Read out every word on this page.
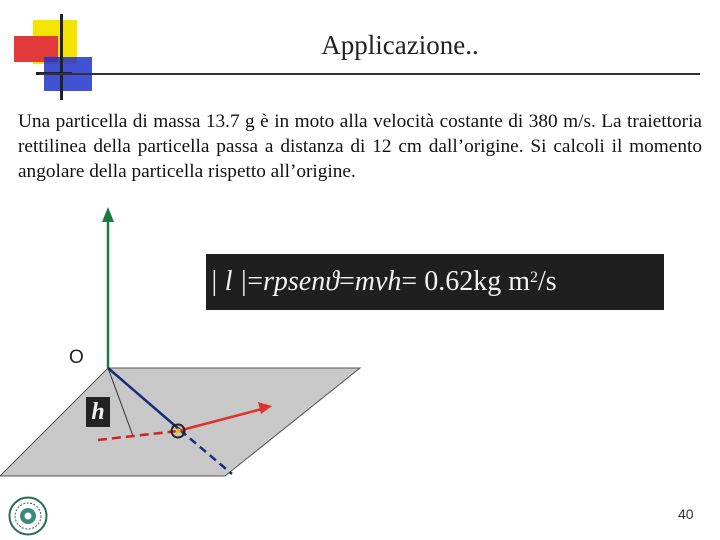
Applicazione..
Una particella di massa 13.7 g è in moto alla velocità costante di 380 m/s. La traiettoria rettilinea della particella passa a distanza di 12 cm dall’origine. Si calcoli il momento angolare della particella rispetto all’origine.
| l | = rpsenϑ = mvh = 0.62kg $m^2$ /s
O
h
40
